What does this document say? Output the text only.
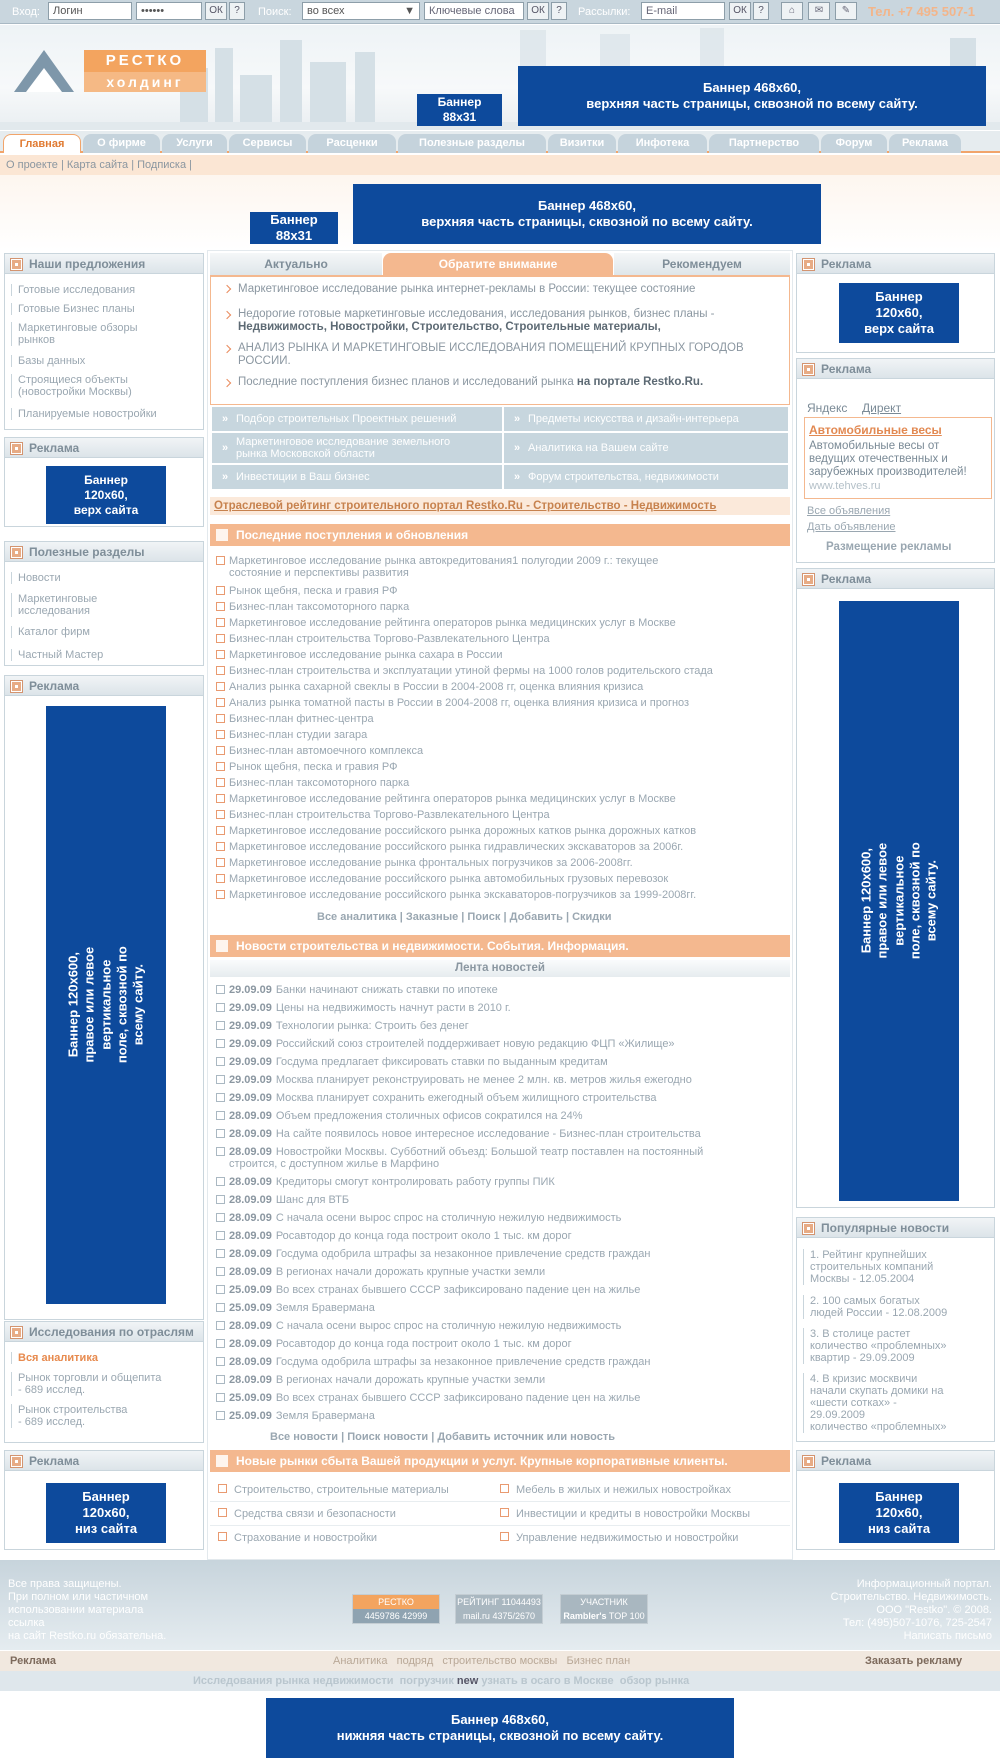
Вход:	Логин	••••••	ОК	?	Поиск:	во всех	▼	Ключевые слова	ОК	?	Рассылки:	E-mail	ОК	?	⌂	✉	✎	Тел. +7 495 507-1
РЕСТКО
холдинг
Баннер
88x31
Баннер 468x60,
верхняя часть страницы, сквозной по всему сайту.
Главная	О фирме	Услуги	Сервисы	Расценки	Полезные разделы	Визитки	Инфотека	Партнерство	Форум	Реклама
О проекте | Карта сайта | Подписка |
Баннер
88x31
Баннер 468x60,
верхняя часть страницы, сквозной по всему сайту.
Наши предложения
Готовые исследования
Готовые Бизнес планы
Маркетинговые обзоры
рынков
Базы данных
Строящиеся объекты
(новостройки Москвы)
Планируемые новостройки
Реклама
Баннер
120x60,
верх сайта
Полезные разделы
Новости
Маркетинговые
исследования
Каталог фирм
Частный Мастер
Реклама
Баннер 120x600,
правое или левое вертикальное поле, сквозной по всему сайту.
Исследования по отраслям
Вся аналитика
Рынок торговли и общепита
- 689 исслед.
Рынок строительства
- 689 исслед.
Реклама
Баннер
120x60,
низ сайта
Актуально	Обратите внимание	Рекомендуем
Маркетинговое исследование рынка интернет-рекламы в России: текущее состояние
Недорогие готовые маркетинговые исследования, исследования рынков, бизнес планы -
Недвижимость, Новостройки, Строительство, Строительные материалы,
АНАЛИЗ РЫНКА И МАРКЕТИНГОВЫЕ ИССЛЕДОВАНИЯ ПОМЕЩЕНИЙ КРУПНЫХ ГОРОДОВ
РОССИИ.
Последние поступления бизнес планов и исследований рынка на портале Restko.Ru.
» Подбор строительных Проектных решений	» Предметы искусства и дизайн-интерьера
» Маркетинговое исследование земельного
рынка Московской области	» Аналитика на Вашем сайте
» Инвестиции в Ваш бизнес	» Форум строительства, недвижимости
Отраслевой рейтинг строительного портал Restko.Ru - Строительство - Недвижимость
Последние поступления и обновления
Маркетинговое исследование рынка автокредитования1 полугодии 2009 г.: текущее
состояние и перспективы развития
Рынок щебня, песка и гравия РФ
Бизнес-план таксомоторного парка
Маркетинговое исследование рейтинга операторов рынка медицинских услуг в Москве
Бизнес-план строительства Торгово-Развлекательного Центра
Маркетинговое исследование рынка сахара в России
Бизнес-план строительства и эксплуатации утиной фермы на 1000 голов родительского стада
Анализ рынка сахарной свеклы в России в 2004-2008 гг, оценка влияния кризиса
Анализ рынка томатной пасты в России в 2004-2008 гг, оценка влияния кризиса и прогноз
Бизнес-план фитнес-центра
Бизнес-план студии загара
Бизнес-план автомоечного комплекса
Рынок щебня, песка и гравия РФ
Бизнес-план таксомоторного парка
Маркетинговое исследование рейтинга операторов рынка медицинских услуг в Москве
Бизнес-план строительства Торгово-Развлекательного Центра
Маркетинговое исследование российского рынка дорожных катков рынка дорожных катков
Маркетинговое исследование российского рынка гидравлических экскаваторов за 2006г.
Маркетинговое исследование рынка фронтальных погрузчиков за 2006-2008гг.
Маркетинговое исследование российского рынка автомобильных грузовых перевозок
Маркетинговое исследование российского рынка экскаваторов-погрузчиков за 1999-2008гг.
Все аналитика | Заказные | Поиск | Добавить | Скидки
Новости строительства и недвижимости. События. Информация.
Лента новостей
29.09.09 Банки начинают снижать ставки по ипотеке
29.09.09 Цены на недвижимость начнут расти в 2010 г.
29.09.09 Технологии рынка: Строить без денег
29.09.09 Российский союз строителей поддерживает новую редакцию ФЦП «Жилище»
29.09.09 Госдума предлагает фиксировать ставки по выданным кредитам
29.09.09 Москва планирует реконструировать не менее 2 млн. кв. метров жилья ежегодно
29.09.09 Москва планирует сохранить ежегодный объем жилищного строительства
28.09.09 Объем предложения столичных офисов сократился на 24%
28.09.09 На сайте появилось новое интересное исследование - Бизнес-план строительства
28.09.09 Новостройки Москвы. Субботний объезд: Большой театр поставлен на постоянный
строится, с доступном жилье в Марфино
28.09.09 Кредиторы смогут контролировать работу группы ПИК
28.09.09 Шанс для ВТБ
28.09.09 С начала осени вырос спрос на столичную нежилую недвижимость
28.09.09 Росавтодор до конца года построит около 1 тыс. км дорог
28.09.09 Госдума одобрила штрафы за незаконное привлечение средств граждан
28.09.09 В регионах начали дорожать крупные участки земли
25.09.09 Во всех странах бывшего СССР зафиксировано падение цен на жилье
25.09.09 Земля Бравермана
28.09.09 С начала осени вырос спрос на столичную нежилую недвижимость
28.09.09 Росавтодор до конца года построит около 1 тыс. км дорог
28.09.09 Госдума одобрила штрафы за незаконное привлечение средств граждан
28.09.09 В регионах начали дорожать крупные участки земли
25.09.09 Во всех странах бывшего СССР зафиксировано падение цен на жилье
25.09.09 Земля Бравермана
Все новости | Поиск новости | Добавить источник или новость
Новые рынки сбыта Вашей продукции и услуг. Крупные корпоративные клиенты.
Строительство, строительные материалы	Мебель в жилых и нежилых новостройках
Средства связи и безопасности	Инвестиции и кредиты в новостройки Москвы
Страхование и новостройки	Управление недвижимостью и новостройки
Реклама
Баннер
120x60,
верх сайта
Реклама
Яндекс Директ
Автомобильные весы
Автомобильные весы от
ведущих отечественных и
зарубежных производителей!
www.tehves.ru
Все объявления
Дать объявление
Размещение рекламы
Реклама
Баннер 120x600,
правое или левое вертикальное поле, сквозной по всему сайту.
Популярные новости
1. Рейтинг крупнейших
строительных компаний
Москвы - 12.05.2004
2. 100 самых богатых
людей России - 12.08.2009
3. В столице растет
количество «проблемных»
квартир - 29.09.2009
4. В кризис москвичи
начали скупать домики на
«шести сотках» -
29.09.2009
количество «проблемных»
Реклама
Баннер
120x60,
низ сайта
Все права защищены.
При полном или частичном
использовании материала
ссылка
на сайт Restko.ru обязательна.
Информационный портал.
Строительство. Недвижимость.
ООО "Restko". © 2008.
Тел: (495)507-1076, 725-2547
Написать письмо
РЕСТКО
4459786 42999
РЕЙТИНГ 11044493
mail.ru 4375/2670
УЧАСТНИК
Rambler's TOP 100
Реклама	Аналитика   подряд   строительство москвы   Бизнес план	Заказать рекламу
Исследования рынка недвижимости  погрузчик new узнать в осаго в Москве  обзор рынка
Баннер 468x60,
нижняя часть страницы, сквозной по всему сайту.
